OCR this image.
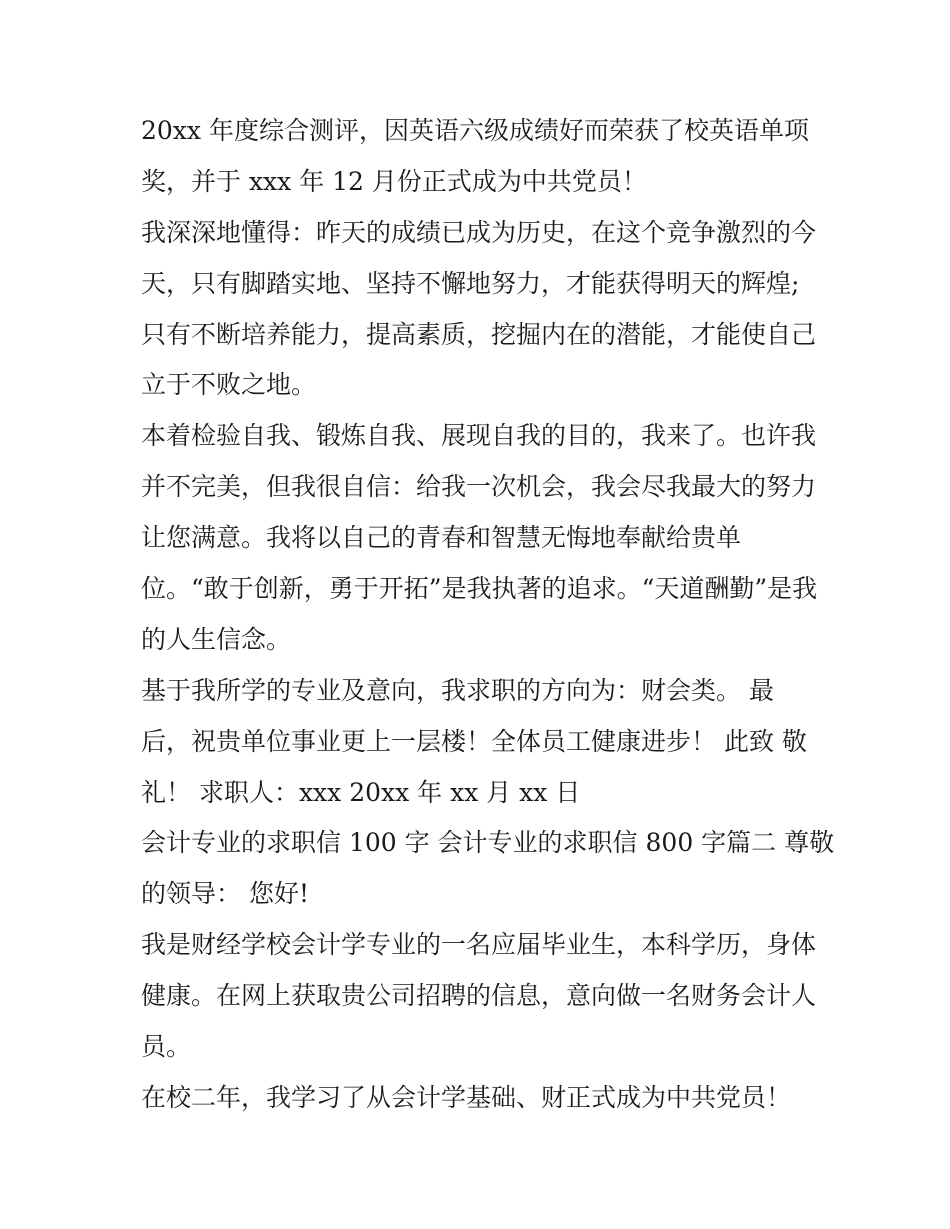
20xx 年度综合测评，因英语六级成绩好而荣获了校英语单项
奖，并于 xxx 年 12 月份正式成为中共党员！
我深深地懂得：昨天的成绩已成为历史，在这个竞争激烈的今
天，只有脚踏实地、坚持不懈地努力，才能获得明天的辉煌;
只有不断培养能力，提高素质，挖掘内在的潜能，才能使自己
立于不败之地。
本着检验自我、锻炼自我、展现自我的目的，我来了。也许我
并不完美，但我很自信：给我一次机会，我会尽我最大的努力
让您满意。我将以自己的青春和智慧无悔地奉献给贵单
位。“敢于创新，勇于开拓”是我执著的追求。“天道酬勤”是我
的人生信念。
基于我所学的专业及意向，我求职的方向为：财会类。 最
后，祝贵单位事业更上一层楼！全体员工健康进步！ 此致 敬
礼！ 求职人：xxx 20xx 年 xx 月 xx 日
会计专业的求职信 100 字 会计专业的求职信 800 字篇二 尊敬
的领导： 您好!
我是财经学校会计学专业的一名应届毕业生，本科学历，身体
健康。在网上获取贵公司招聘的信息，意向做一名财务会计人
员。
在校二年，我学习了从会计学基础、财正式成为中共党员！
